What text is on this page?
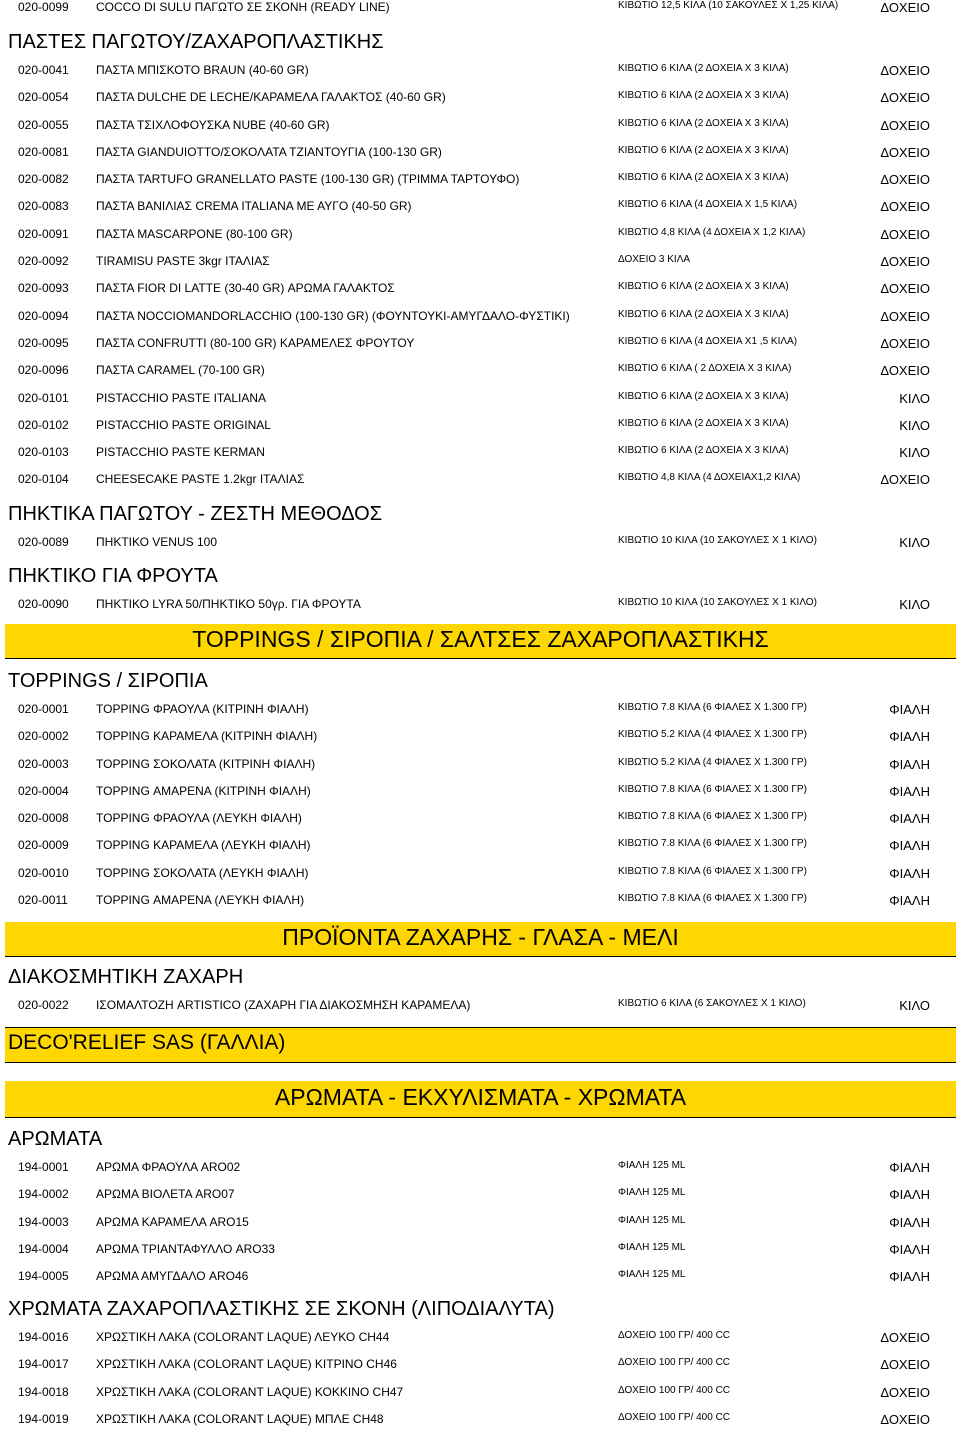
020-0099 COCCO DI SULU ΠΑΓΩΤΟ ΣΕ ΣΚΟΝΗ (READY LINE)	ΚΙΒΩΤΙΟ 12,5 ΚΙΛΑ (10 ΣΑΚΟΥΛΕΣ Χ 1,25 ΚΙΛΑ)	ΔΟΧΕΙΟ
ΠΑΣΤΕΣ ΠΑΓΩΤΟΥ/ΖΑΧΑΡΟΠΛΑΣΤΙΚΗΣ
020-0041 ΠΑΣΤΑ ΜΠΙΣΚΟΤΟ BRAUN (40-60 GR)	ΚΙΒΩΤΙΟ 6 ΚΙΛΑ (2 ΔΟΧΕΙΑ Χ 3 ΚΙΛΑ)	ΔΟΧΕΙΟ
020-0054 ΠΑΣΤΑ DULCHE DE LECHE/ΚΑΡΑΜΕΛΑ ΓΑΛΑΚΤΟΣ (40-60 GR)	ΚΙΒΩΤΙΟ 6 ΚΙΛΑ (2 ΔΟΧΕΙΑ Χ 3 ΚΙΛΑ)	ΔΟΧΕΙΟ
020-0055 ΠΑΣΤΑ ΤΣΙΧΛΟΦΟΥΣΚΑ NUBE (40-60 GR)	ΚΙΒΩΤΙΟ 6 ΚΙΛΑ (2 ΔΟΧΕΙΑ Χ 3 ΚΙΛΑ)	ΔΟΧΕΙΟ
020-0081 ΠΑΣΤΑ GIANDUIOTTO/ΣΟΚΟΛΑΤΑ ΤΖΙΑΝΤΟΥΓΙΑ (100-130 GR)	ΚΙΒΩΤΙΟ 6 ΚΙΛΑ (2 ΔΟΧΕΙΑ Χ 3 ΚΙΛΑ)	ΔΟΧΕΙΟ
020-0082 ΠΑΣΤΑ TARTUFO GRANELLATO PASTE (100-130 GR) (ΤΡΙΜΜΑ ΤΑΡΤΟΥΦΟ)	ΚΙΒΩΤΙΟ 6 ΚΙΛΑ (2 ΔΟΧΕΙΑ Χ 3 ΚΙΛΑ)	ΔΟΧΕΙΟ
020-0083 ΠΑΣΤΑ ΒΑΝΙΛΙΑΣ CREMA ITALIANA ΜΕ ΑΥΓΟ (40-50 GR)	ΚΙΒΩΤΙΟ 6 ΚΙΛΑ (4 ΔΟΧΕΙΑ Χ 1,5 ΚΙΛΑ)	ΔΟΧΕΙΟ
020-0091 ΠΑΣΤΑ MASCARPONE (80-100 GR)	ΚΙΒΩΤΙΟ 4,8 ΚΙΛΑ (4 ΔΟΧΕΙΑ Χ 1,2 ΚΙΛΑ)	ΔΟΧΕΙΟ
020-0092 TIRAMISU PASTE 3kgr ΙΤΑΛΙΑΣ	ΔΟΧΕΙΟ 3 ΚΙΛΑ	ΔΟΧΕΙΟ
020-0093 ΠΑΣΤΑ FIOR DI LATTE (30-40 GR) ΑΡΩΜΑ ΓΑΛΑΚΤΟΣ	ΚΙΒΩΤΙΟ 6 ΚΙΛΑ (2 ΔΟΧΕΙΑ Χ 3 ΚΙΛΑ)	ΔΟΧΕΙΟ
020-0094 ΠΑΣΤΑ NOCCIOMANDORLACCHIO (100-130 GR) (ΦΟΥΝΤΟΥΚΙ-ΑΜΥΓΔΑΛΟ-ΦΥΣΤΙΚΙ)	ΚΙΒΩΤΙΟ 6 ΚΙΛΑ (2 ΔΟΧΕΙΑ Χ 3 ΚΙΛΑ)	ΔΟΧΕΙΟ
020-0095 ΠΑΣΤΑ CONFRUTTI (80-100 GR) ΚΑΡΑΜΕΛΕΣ ΦΡΟΥΤΟΥ	ΚΙΒΩΤΙΟ 6 ΚΙΛΑ (4 ΔΟΧΕΙΑ Χ1 ,5 ΚΙΛΑ)	ΔΟΧΕΙΟ
020-0096 ΠΑΣΤΑ CARAMEL (70-100 GR)	ΚΙΒΩΤΙΟ 6 ΚΙΛΑ ( 2 ΔΟΧΕΙΑ Χ 3 ΚΙΛΑ)	ΔΟΧΕΙΟ
020-0101 PISTACCHIO PASTE ITALIANA	ΚΙΒΩΤΙΟ 6 ΚΙΛΑ (2 ΔΟΧΕΙΑ Χ 3 ΚΙΛΑ)	ΚΙΛΟ
020-0102 PISTACCHIO PASTE ORIGINAL	ΚΙΒΩΤΙΟ 6 ΚΙΛΑ (2 ΔΟΧΕΙΑ Χ 3 ΚΙΛΑ)	ΚΙΛΟ
020-0103 PISTACCHIO PASTE KERMAN	ΚΙΒΩΤΙΟ 6 ΚΙΛΑ (2 ΔΟΧΕΙΑ Χ 3 ΚΙΛΑ)	ΚΙΛΟ
020-0104 CHEESECAKE PASTE 1.2kgr ΙΤΑΛΙΑΣ	ΚΙΒΩΤΙΟ 4,8 ΚΙΛΑ (4 ΔΟΧΕΙΑΧ1,2 ΚΙΛΑ)	ΔΟΧΕΙΟ
ΠΗΚΤΙΚΑ ΠΑΓΩΤΟΥ - ΖΕΣΤΗ ΜΕΘΟΔΟΣ
020-0089 ΠΗΚΤΙΚΟ VENUS 100	ΚΙΒΩΤΙΟ 10 ΚΙΛΑ (10 ΣΑΚΟΥΛΕΣ Χ 1 ΚΙΛΟ)	ΚΙΛΟ
ΠΗΚΤΙΚΟ ΓΙΑ ΦΡΟΥΤΑ
020-0090 ΠΗΚΤΙΚΟ LYRA 50/ΠΗΚΤΙΚΟ 50γρ. ΓΙΑ ΦΡΟΥΤΑ	ΚΙΒΩΤΙΟ 10 ΚΙΛΑ (10 ΣΑΚΟΥΛΕΣ Χ 1 ΚΙΛΟ)	ΚΙΛΟ
TOPPINGS / ΣΙΡΟΠΙΑ / ΣΑΛΤΣΕΣ ΖΑΧΑΡΟΠΛΑΣΤΙΚΗΣ
TOPPINGS / ΣΙΡΟΠΙΑ
020-0001 TOPPING ΦΡΑΟΥΛΑ (ΚΙΤΡΙΝΗ ΦΙΑΛΗ)	ΚΙΒΩΤΙΟ 7.8 ΚΙΛΑ (6 ΦΙΑΛΕΣ Χ 1.300 ΓΡ)	ΦΙΑΛΗ
020-0002 TOPPING ΚΑΡΑΜΕΛΑ (ΚΙΤΡΙΝΗ ΦΙΑΛΗ)	ΚΙΒΩΤΙΟ 5.2 ΚΙΛΑ (4 ΦΙΑΛΕΣ Χ 1.300 ΓΡ)	ΦΙΑΛΗ
020-0003 TOPPING ΣΟΚΟΛΑΤΑ (ΚΙΤΡΙΝΗ ΦΙΑΛΗ)	ΚΙΒΩΤΙΟ 5.2 ΚΙΛΑ (4 ΦΙΑΛΕΣ Χ 1.300 ΓΡ)	ΦΙΑΛΗ
020-0004 TOPPING ΑΜΑΡΕΝΑ (ΚΙΤΡΙΝΗ ΦΙΑΛΗ)	ΚΙΒΩΤΙΟ 7.8 ΚΙΛΑ (6 ΦΙΑΛΕΣ Χ 1.300 ΓΡ)	ΦΙΑΛΗ
020-0008 TOPPING ΦΡΑΟΥΛΑ (ΛΕΥΚΗ ΦΙΑΛΗ)	ΚΙΒΩΤΙΟ 7.8 ΚΙΛΑ (6 ΦΙΑΛΕΣ Χ 1.300 ΓΡ)	ΦΙΑΛΗ
020-0009 TOPPING ΚΑΡΑΜΕΛΑ (ΛΕΥΚΗ ΦΙΑΛΗ)	ΚΙΒΩΤΙΟ 7.8 ΚΙΛΑ (6 ΦΙΑΛΕΣ Χ 1.300 ΓΡ)	ΦΙΑΛΗ
020-0010 TOPPING ΣΟΚΟΛΑΤΑ (ΛΕΥΚΗ ΦΙΑΛΗ)	ΚΙΒΩΤΙΟ 7.8 ΚΙΛΑ (6 ΦΙΑΛΕΣ Χ 1.300 ΓΡ)	ΦΙΑΛΗ
020-0011 TOPPING ΑΜΑΡΕΝΑ (ΛΕΥΚΗ ΦΙΑΛΗ)	ΚΙΒΩΤΙΟ 7.8 ΚΙΛΑ (6 ΦΙΑΛΕΣ Χ 1.300 ΓΡ)	ΦΙΑΛΗ
ΠΡΟΪΟΝΤΑ ΖΑΧΑΡΗΣ - ΓΛΑΣΑ - ΜΕΛΙ
ΔΙΑΚΟΣΜΗΤΙΚΗ ΖΑΧΑΡΗ
020-0022 ΙΣΟΜΑΛΤΟΖΗ ARTISTICO (ΖΑΧΑΡΗ ΓΙΑ ΔΙΑΚΟΣΜΗΣΗ ΚΑΡΑΜΕΛΑ)	ΚΙΒΩΤΙΟ 6 ΚΙΛΑ (6 ΣΑΚΟΥΛΕΣ Χ 1 ΚΙΛΟ)	ΚΙΛΟ
DECO'RELIEF SAS (ΓΑΛΛΙΑ)
ΑΡΩΜΑΤΑ - ΕΚΧΥΛΙΣΜΑΤΑ - ΧΡΩΜΑΤΑ
ΑΡΩΜΑΤΑ
194-0001 ΑΡΩΜΑ ΦΡΑΟΥΛΑ ARO02	ΦΙΑΛΗ 125 ML	ΦΙΑΛΗ
194-0002 ΑΡΩΜΑ ΒΙΟΛΕΤΑ ARO07	ΦΙΑΛΗ 125 ML	ΦΙΑΛΗ
194-0003 ΑΡΩΜΑ ΚΑΡΑΜΕΛΑ ARO15	ΦΙΑΛΗ 125 ML	ΦΙΑΛΗ
194-0004 ΑΡΩΜΑ ΤΡΙΑΝΤΑΦΥΛΛΟ ARO33	ΦΙΑΛΗ 125 ML	ΦΙΑΛΗ
194-0005 ΑΡΩΜΑ ΑΜΥΓΔΑΛΟ ARO46	ΦΙΑΛΗ 125 ML	ΦΙΑΛΗ
ΧΡΩΜΑΤΑ ΖΑΧΑΡΟΠΛΑΣΤΙΚΗΣ ΣΕ ΣΚΟΝΗ (ΛΙΠΟΔΙΑΛΥΤΑ)
194-0016 ΧΡΩΣΤΙΚΗ ΛΑΚΑ (COLORANT LAQUE) ΛΕΥΚΟ CH44	ΔΟΧΕΙΟ 100 ΓΡ/ 400 CC	ΔΟΧΕΙΟ
194-0017 ΧΡΩΣΤΙΚΗ ΛΑΚΑ (COLORANT LAQUE) ΚΙΤΡΙΝΟ CH46	ΔΟΧΕΙΟ 100 ΓΡ/ 400 CC	ΔΟΧΕΙΟ
194-0018 ΧΡΩΣΤΙΚΗ ΛΑΚΑ (COLORANT LAQUE) ΚΟΚΚΙΝΟ CH47	ΔΟΧΕΙΟ 100 ΓΡ/ 400 CC	ΔΟΧΕΙΟ
194-0019 ΧΡΩΣΤΙΚΗ ΛΑΚΑ (COLORANT LAQUE) ΜΠΛΕ CH48	ΔΟΧΕΙΟ 100 ΓΡ/ 400 CC	ΔΟΧΕΙΟ
